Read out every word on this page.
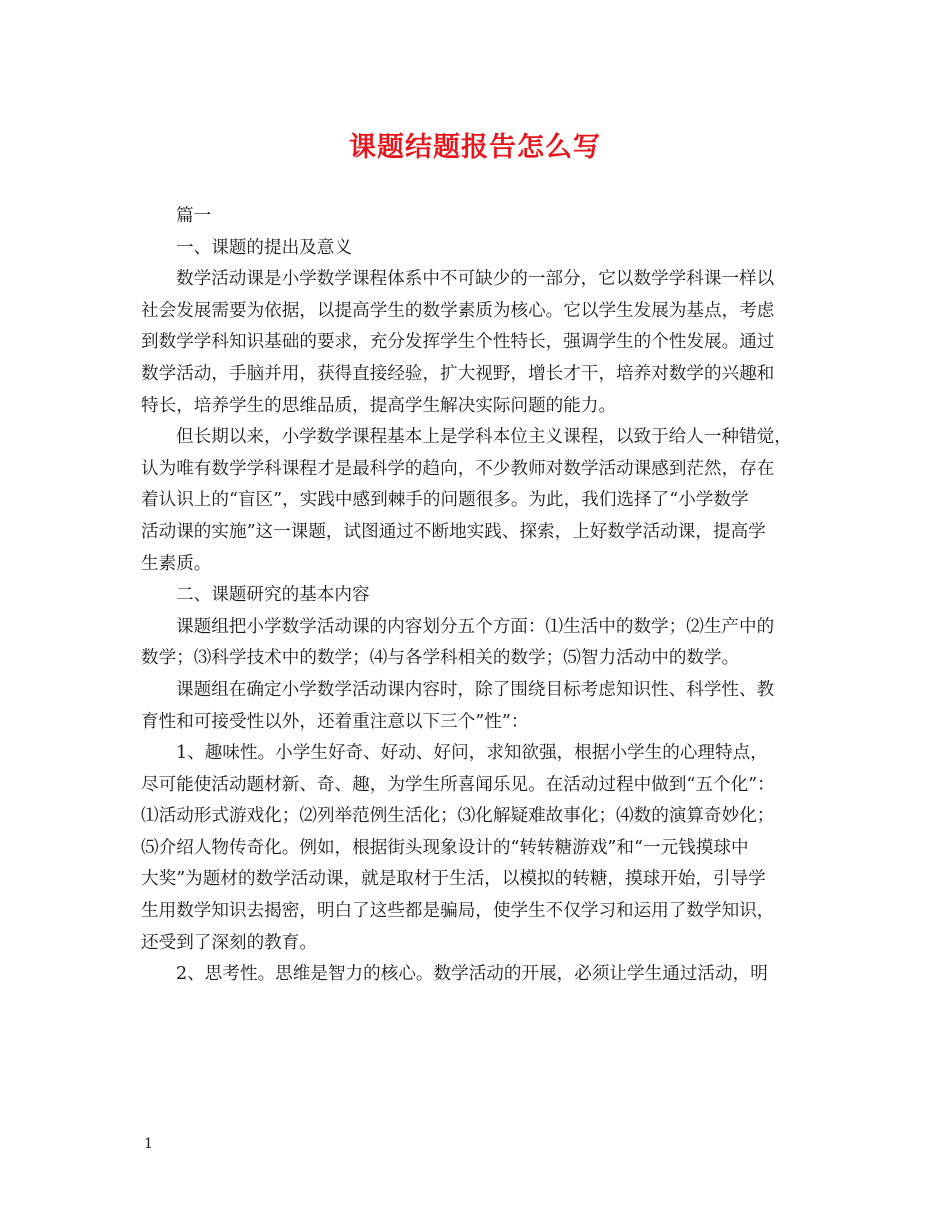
课题结题报告怎么写
篇一
一、课题的提出及意义
数学活动课是小学数学课程体系中不可缺少的一部分，它以数学学科课一样以
社会发展需要为依据，以提高学生的数学素质为核心。它以学生发展为基点，考虑
到数学学科知识基础的要求，充分发挥学生个性特长，强调学生的个性发展。通过
数学活动，手脑并用，获得直接经验，扩大视野，增长才干，培养对数学的兴趣和
特长，培养学生的思维品质，提高学生解决实际问题的能力。
但长期以来，小学数学课程基本上是学科本位主义课程，以致于给人一种错觉，
认为唯有数学学科课程才是最科学的趋向，不少教师对数学活动课感到茫然，存在
着认识上的“盲区”，实践中感到棘手的问题很多。为此，我们选择了“小学数学
活动课的实施”这一课题，试图通过不断地实践、探索，上好数学活动课，提高学
生素质。
二、课题研究的基本内容
课题组把小学数学活动课的内容划分五个方面：⑴生活中的数学；⑵生产中的
数学；⑶科学技术中的数学；⑷与各学科相关的数学；⑸智力活动中的数学。
课题组在确定小学数学活动课内容时，除了围绕目标考虑知识性、科学性、教
育性和可接受性以外，还着重注意以下三个”性”：
1、趣味性。小学生好奇、好动、好问，求知欲强，根据小学生的心理特点，
尽可能使活动题材新、奇、趣，为学生所喜闻乐见。在活动过程中做到“五个化”：
⑴活动形式游戏化；⑵列举范例生活化；⑶化解疑难故事化；⑷数的演算奇妙化；
⑸介绍人物传奇化。例如，根据街头现象设计的“转转糖游戏”和“一元钱摸球中
大奖”为题材的数学活动课，就是取材于生活，以模拟的转糖，摸球开始，引导学
生用数学知识去揭密，明白了这些都是骗局，使学生不仅学习和运用了数学知识，
还受到了深刻的教育。
2、思考性。思维是智力的核心。数学活动的开展，必须让学生通过活动，明
1
